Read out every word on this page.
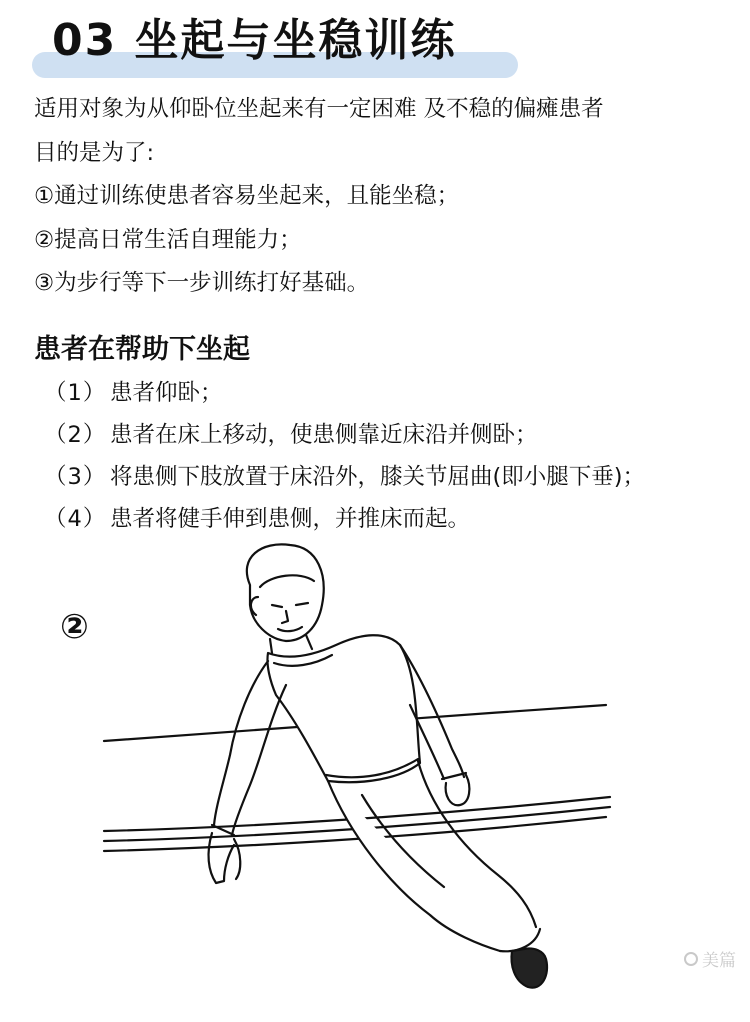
03 坐起与坐稳训练
适用对象为从仰卧位坐起来有一定困难 及不稳的偏瘫患者
目的是为了:
①通过训练使患者容易坐起来，且能坐稳；
②提高日常生活自理能力；
③为步行等下一步训练打好基础。
患者在帮助下坐起
（1） 患者仰卧；
（2） 患者在床上移动，使患侧靠近床沿并侧卧；
（3） 将患侧下肢放置于床沿外，膝关节屈曲(即小腿下垂)；
（4） 患者将健手伸到患侧，并推床而起。
②
美篇
